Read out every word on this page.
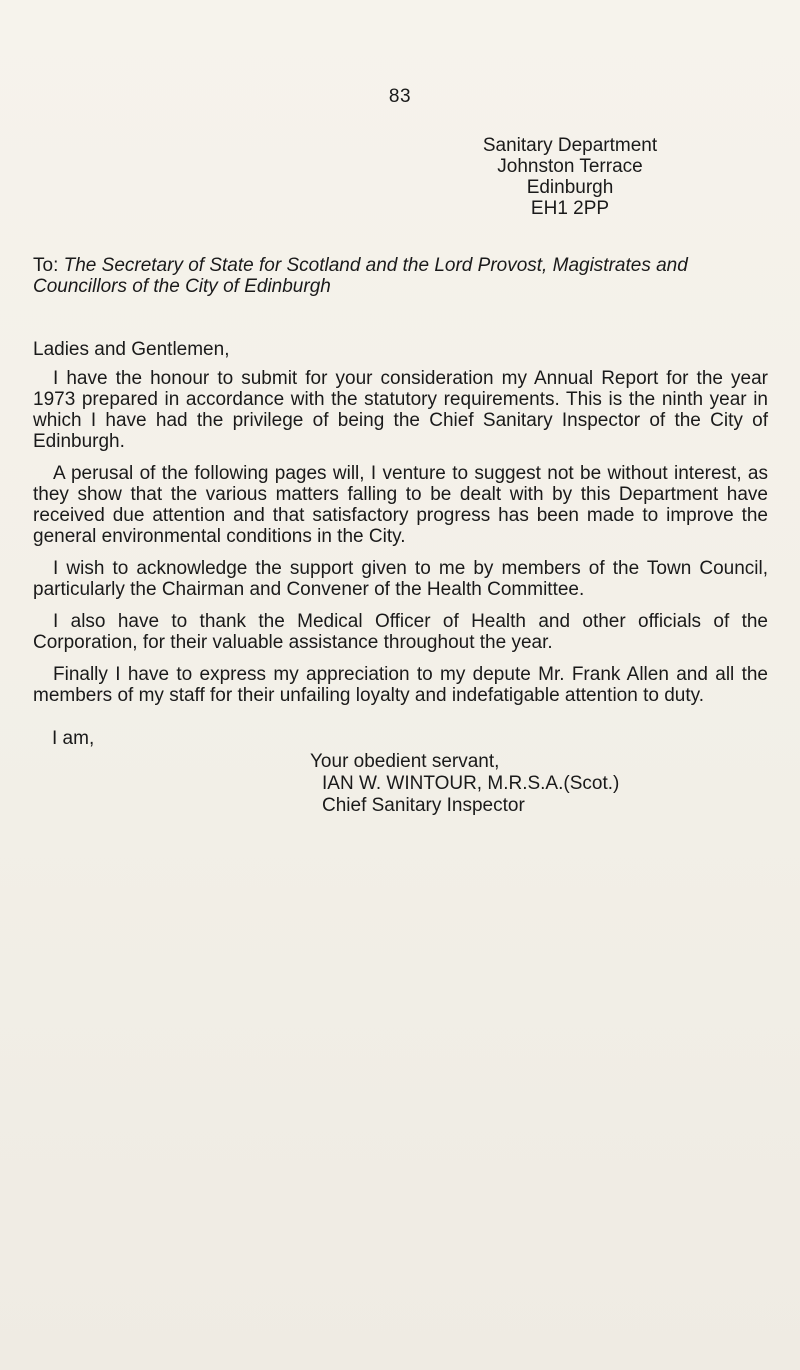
83
Sanitary Department
Johnston Terrace
Edinburgh
EH1 2PP
To: The Secretary of State for Scotland and the Lord Provost, Magistrates and Councillors of the City of Edinburgh
Ladies and Gentlemen,

I have the honour to submit for your consideration my Annual Report for the year 1973 prepared in accordance with the statutory requirements. This is the ninth year in which I have had the privilege of being the Chief Sanitary Inspector of the City of Edinburgh.

A perusal of the following pages will, I venture to suggest not be without interest, as they show that the various matters falling to be dealt with by this Department have received due attention and that satisfactory progress has been made to improve the general environmental conditions in the City.

I wish to acknowledge the support given to me by members of the Town Council, particularly the Chairman and Convener of the Health Committee.

I also have to thank the Medical Officer of Health and other officials of the Corporation, for their valuable assistance throughout the year.

Finally I have to express my appreciation to my depute Mr. Frank Allen and all the members of my staff for their unfailing loyalty and indefatigable attention to duty.

I am,
Your obedient servant,
IAN W. WINTOUR, M.R.S.A.(Scot.)
Chief Sanitary Inspector
